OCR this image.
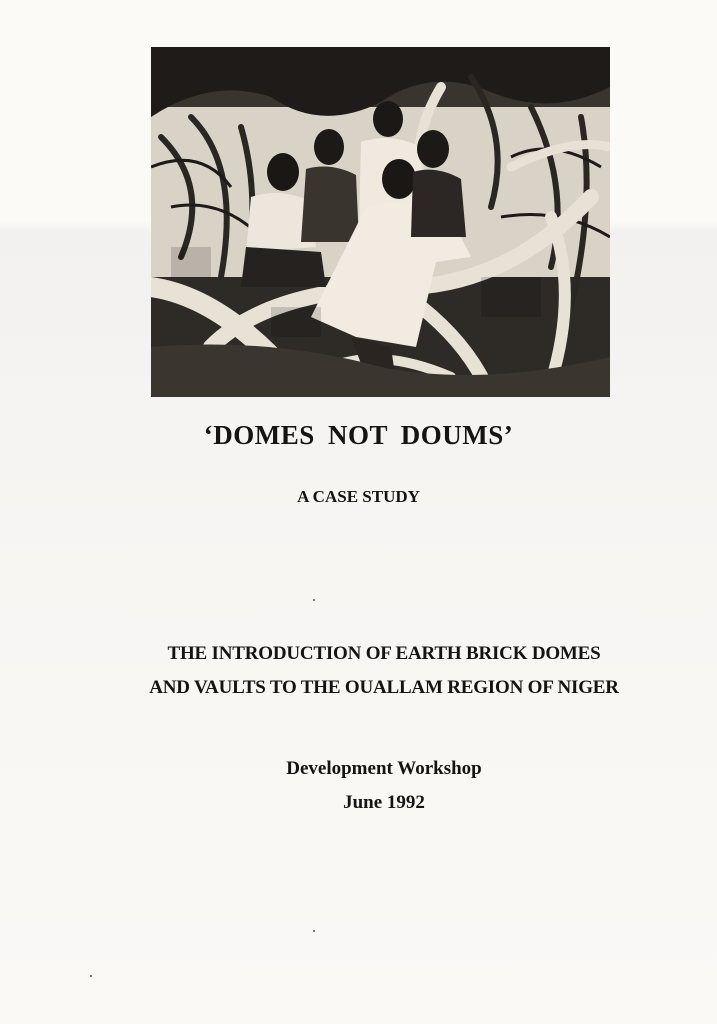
‘DOMES NOT DOUMS’
A CASE STUDY
THE INTRODUCTION OF EARTH BRICK DOMES
AND VAULTS TO THE OUALLAM REGION OF NIGER
Development Workshop
June 1992
